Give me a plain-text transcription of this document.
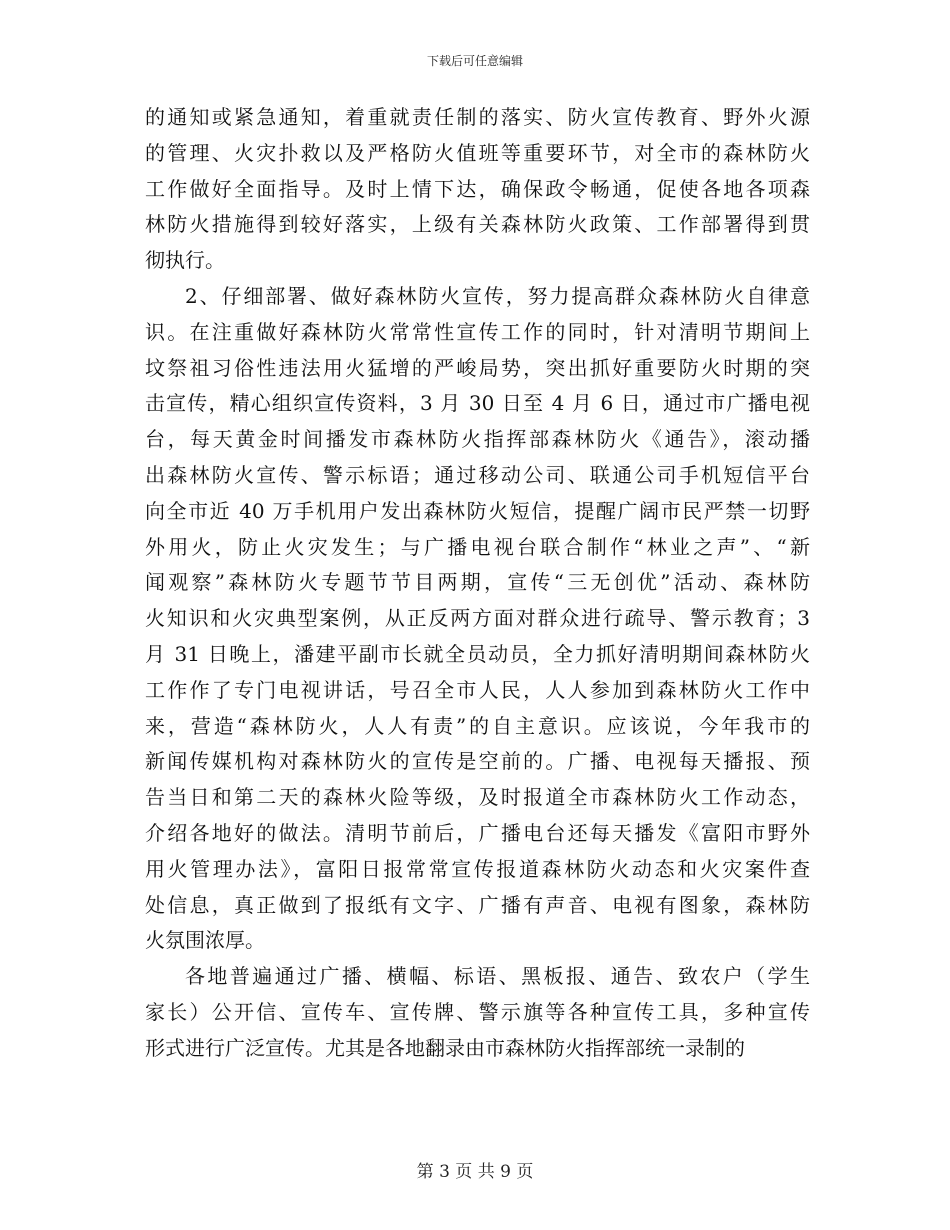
下载后可任意编辑
的通知或紧急通知，着重就责任制的落实、防火宣传教育、野外火源
的管理、火灾扑救以及严格防火值班等重要环节，对全市的森林防火
工作做好全面指导。及时上情下达，确保政令畅通，促使各地各项森
林防火措施得到较好落实，上级有关森林防火政策、工作部署得到贯
彻执行。
2、仔细部署、做好森林防火宣传，努力提高群众森林防火自律意
识。在注重做好森林防火常常性宣传工作的同时，针对清明节期间上
坟祭祖习俗性违法用火猛增的严峻局势，突出抓好重要防火时期的突
击宣传，精心组织宣传资料，3 月 30 日至 4 月 6 日，通过市广播电视
台，每天黄金时间播发市森林防火指挥部森林防火《通告》，滚动播
出森林防火宣传、警示标语；通过移动公司、联通公司手机短信平台
向全市近 40 万手机用户发出森林防火短信，提醒广阔市民严禁一切野
外用火，防止火灾发生；与广播电视台联合制作“林业之声”、“新
闻观察”森林防火专题节节目两期，宣传“三无创优”活动、森林防
火知识和火灾典型案例，从正反两方面对群众进行疏导、警示教育；3
月 31 日晚上，潘建平副市长就全员动员，全力抓好清明期间森林防火
工作作了专门电视讲话，号召全市人民，人人参加到森林防火工作中
来，营造“森林防火，人人有责”的自主意识。应该说，今年我市的
新闻传媒机构对森林防火的宣传是空前的。广播、电视每天播报、预
告当日和第二天的森林火险等级，及时报道全市森林防火工作动态，
介绍各地好的做法。清明节前后，广播电台还每天播发《富阳市野外
用火管理办法》，富阳日报常常宣传报道森林防火动态和火灾案件查
处信息，真正做到了报纸有文字、广播有声音、电视有图象，森林防
火氛围浓厚。
各地普遍通过广播、横幅、标语、黑板报、通告、致农户（学生
家长）公开信、宣传车、宣传牌、警示旗等各种宣传工具，多种宣传
形式进行广泛宣传。尤其是各地翻录由市森林防火指挥部统一录制的
第 3 页 共 9 页
